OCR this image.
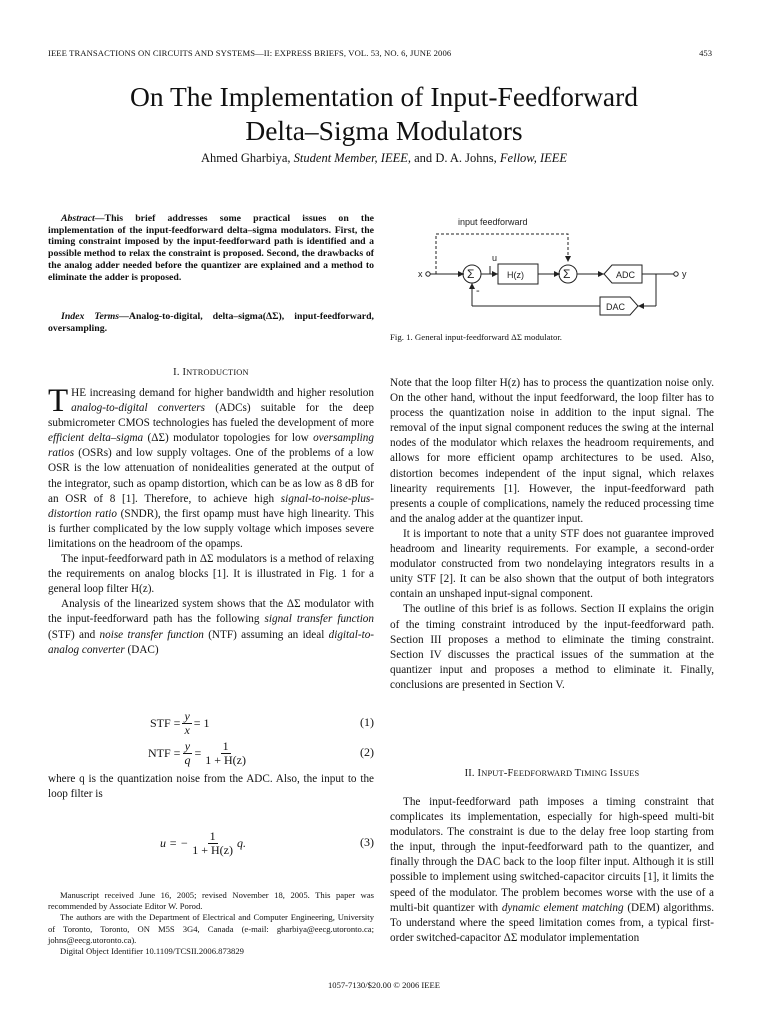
IEEE TRANSACTIONS ON CIRCUITS AND SYSTEMS—II: EXPRESS BRIEFS, VOL. 53, NO. 6, JUNE 2006	453
On The Implementation of Input-Feedforward
Delta–Sigma Modulators
Ahmed Gharbiya, Student Member, IEEE, and D. A. Johns, Fellow, IEEE

Abstract—This brief addresses some practical issues on the implementation of the input-feedforward delta–sigma modulators. First, the timing constraint imposed by the input-feedforward path is identified and a possible method to relax the constraint is proposed. Second, the drawbacks of the analog adder needed before the quantizer are explained and a method to eliminate the adder is proposed.

Index Terms—Analog-to-digital, delta–sigma(ΔΣ), input-feedforward, oversampling.

I. INTRODUCTION

THE increasing demand for higher bandwidth and higher resolution analog-to-digital converters (ADCs) suitable for the deep submicrometer CMOS technologies has fueled the development of more efficient delta–sigma (ΔΣ) modulator topologies for low oversampling ratios (OSRs) and low supply voltages. One of the problems of a low OSR is the low attenuation of nonidealities generated at the output of the integrator, such as opamp distortion, which can be as low as 8 dB for an OSR of 8 [1]. Therefore, to achieve high signal-to-noise-plus-distortion ratio (SNDR), the first opamp must have high linearity. This is further complicated by the low supply voltage which imposes severe limitations on the headroom of the opamps.

The input-feedforward path in ΔΣ modulators is a method of relaxing the requirements on analog blocks [1]. It is illustrated in Fig. 1 for a general loop filter H(z).

Analysis of the linearized system shows that the ΔΣ modulator with the input-feedforward path has the following signal transfer function (STF) and noise transfer function (NTF) assuming an ideal digital-to-analog converter (DAC)

STF = $\frac{y}{x} = 1$	(1)
NTF = $\frac{y}{q} = \frac{1}{1 + H(z)}$	(2)
where q is the quantization noise from the ADC. Also, the input to the loop filter is
u = − $\frac{1}{1 + H(z)} q$.	(3)

Manuscript received June 16, 2005; revised November 18, 2005. This paper was recommended by Associate Editor W. Porod.

The authors are with the Department of Electrical and Computer Engineering, University of Toronto, Toronto, ON M5S 3G4, Canada (e-mail: gharbiya@eecg.utoronto.ca; johns@eecg.utoronto.ca).

Digital Object Identifier 10.1109/TCSII.2006.873829

input feedforward
x
u
Σ	H(z)	Σ	ADC
DAC
y
-
Fig. 1. General input-feedforward ΔΣ modulator.

Note that the loop filter H(z) has to process the quantization noise only. On the other hand, without the input feedforward, the loop filter has to process the quantization noise in addition to the input signal. The removal of the input signal component reduces the swing at the internal nodes of the modulator which relaxes the headroom requirements, and allows for more efficient opamp architectures to be used. Also, distortion becomes independent of the input signal, which relaxes linearity requirements [1]. However, the input-feedforward path presents a couple of complications, namely the reduced processing time and the analog adder at the quantizer input.

It is important to note that a unity STF does not guarantee improved headroom and linearity requirements. For example, a second-order modulator constructed from two nondelaying integrators results in a unity STF [2]. It can be also shown that the output of both integrators contain an unshaped input-signal component.

The outline of this brief is as follows. Section II explains the origin of the timing constraint introduced by the input-feedforward path. Section III proposes a method to eliminate the timing constraint. Section IV discusses the practical issues of the summation at the quantizer input and proposes a method to eliminate it. Finally, conclusions are presented in Section V.

II. INPUT-FEEDFORWARD TIMING ISSUES

The input-feedforward path imposes a timing constraint that complicates its implementation, especially for high-speed multi-bit modulators. The constraint is due to the delay free loop starting from the input, through the input-feedforward path to the quantizer, and finally through the DAC back to the loop filter input. Although it is still possible to implement using switched-capacitor circuits [1], it limits the speed of the modulator. The problem becomes worse with the use of a multi-bit quantizer with dynamic element matching (DEM) algorithms. To understand where the speed limitation comes from, a typical first-order switched-capacitor ΔΣ modulator implementation

1057-7130/$20.00 © 2006 IEEE
